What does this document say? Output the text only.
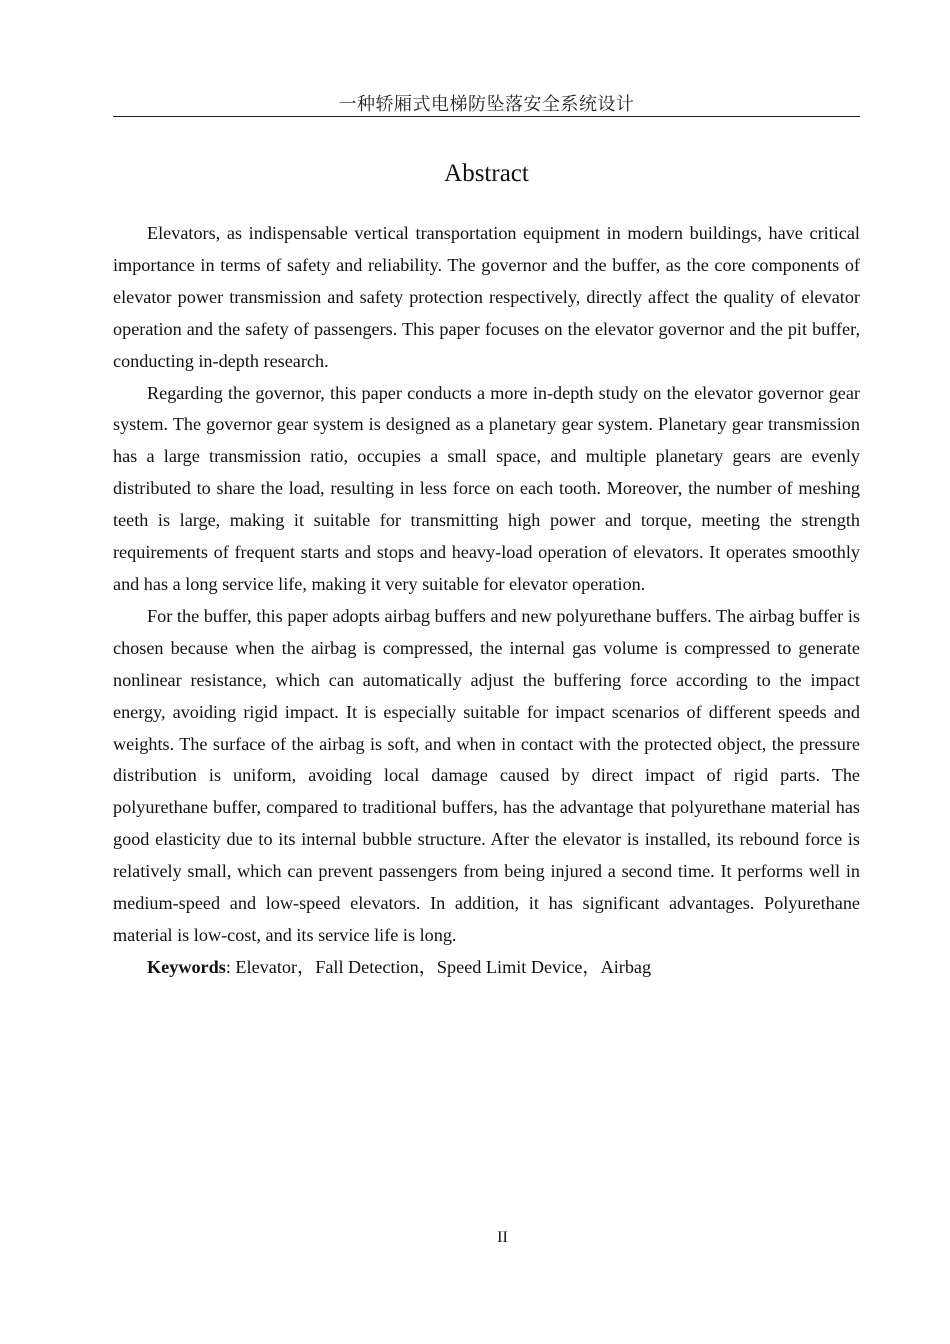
一种轿厢式电梯防坠落安全系统设计
Abstract

Elevators, as indispensable vertical transportation equipment in modern buildings, have critical importance in terms of safety and reliability. The governor and the buffer, as the core components of elevator power transmission and safety protection respectively, directly affect the quality of elevator operation and the safety of passengers. This paper focuses on the elevator governor and the pit buffer, conducting in-depth research.

Regarding the governor, this paper conducts a more in-depth study on the elevator governor gear system. The governor gear system is designed as a planetary gear system. Planetary gear transmission has a large transmission ratio, occupies a small space, and multiple planetary gears are evenly distributed to share the load, resulting in less force on each tooth. Moreover, the number of meshing teeth is large, making it suitable for transmitting high power and torque, meeting the strength requirements of frequent starts and stops and heavy-load operation of elevators. It operates smoothly and has a long service life, making it very suitable for elevator operation.

For the buffer, this paper adopts airbag buffers and new polyurethane buffers. The airbag buffer is chosen because when the airbag is compressed, the internal gas volume is compressed to generate nonlinear resistance, which can automatically adjust the buffering force according to the impact energy, avoiding rigid impact. It is especially suitable for impact scenarios of different speeds and weights. The surface of the airbag is soft, and when in contact with the protected object, the pressure distribution is uniform, avoiding local damage caused by direct impact of rigid parts. The polyurethane buffer, compared to traditional buffers, has the advantage that polyurethane material has good elasticity due to its internal bubble structure. After the elevator is installed, its rebound force is relatively small, which can prevent passengers from being injured a second time. It performs well in medium-speed and low-speed elevators. In addition, it has significant advantages. Polyurethane material is low-cost, and its service life is long.

Keywords: Elevator，Fall Detection，Speed Limit Device，Airbag

II
